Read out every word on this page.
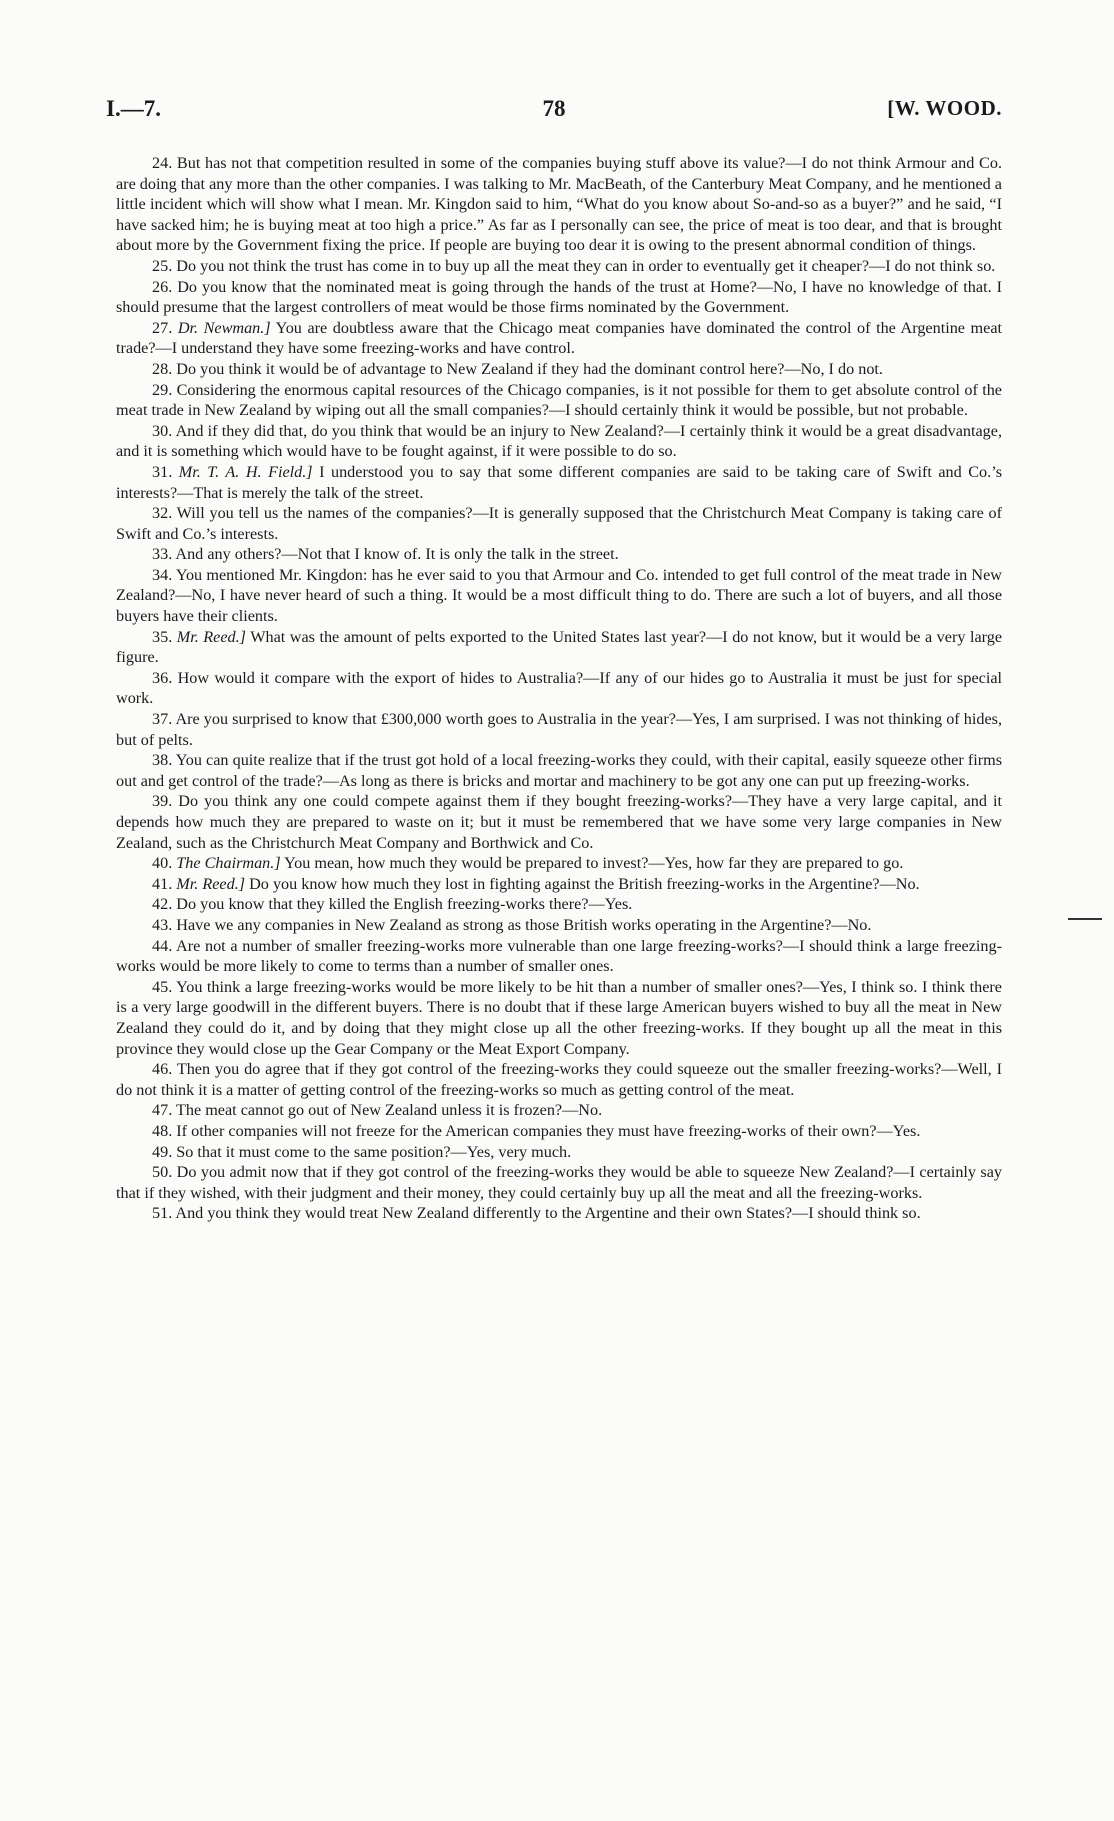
I.—7.	78	[W. WOOD.

24. But has not that competition resulted in some of the companies buying stuff above its value?—I do not think Armour and Co. are doing that any more than the other companies. I was talking to Mr. MacBeath, of the Canterbury Meat Company, and he mentioned a little incident which will show what I mean. Mr. Kingdon said to him, “What do you know about So-and-so as a buyer?” and he said, “I have sacked him; he is buying meat at too high a price.” As far as I personally can see, the price of meat is too dear, and that is brought about more by the Government fixing the price. If people are buying too dear it is owing to the present abnormal condition of things.

25. Do you not think the trust has come in to buy up all the meat they can in order to eventually get it cheaper?—I do not think so.

26. Do you know that the nominated meat is going through the hands of the trust at Home?—No, I have no knowledge of that. I should presume that the largest controllers of meat would be those firms nominated by the Government.

27. Dr. Newman.] You are doubtless aware that the Chicago meat companies have dominated the control of the Argentine meat trade?—I understand they have some freezing-works and have control.

28. Do you think it would be of advantage to New Zealand if they had the dominant control here?—No, I do not.

29. Considering the enormous capital resources of the Chicago companies, is it not possible for them to get absolute control of the meat trade in New Zealand by wiping out all the small companies?—I should certainly think it would be possible, but not probable.

30. And if they did that, do you think that would be an injury to New Zealand?—I certainly think it would be a great disadvantage, and it is something which would have to be fought against, if it were possible to do so.

31. Mr. T. A. H. Field.] I understood you to say that some different companies are said to be taking care of Swift and Co.’s interests?—That is merely the talk of the street.

32. Will you tell us the names of the companies?—It is generally supposed that the Christchurch Meat Company is taking care of Swift and Co.’s interests.

33. And any others?—Not that I know of. It is only the talk in the street.

34. You mentioned Mr. Kingdon: has he ever said to you that Armour and Co. intended to get full control of the meat trade in New Zealand?—No, I have never heard of such a thing. It would be a most difficult thing to do. There are such a lot of buyers, and all those buyers have their clients.

35. Mr. Reed.] What was the amount of pelts exported to the United States last year?—I do not know, but it would be a very large figure.

36. How would it compare with the export of hides to Australia?—If any of our hides go to Australia it must be just for special work.

37. Are you surprised to know that £300,000 worth goes to Australia in the year?—Yes, I am surprised. I was not thinking of hides, but of pelts.

38. You can quite realize that if the trust got hold of a local freezing-works they could, with their capital, easily squeeze other firms out and get control of the trade?—As long as there is bricks and mortar and machinery to be got any one can put up freezing-works.

39. Do you think any one could compete against them if they bought freezing-works?—They have a very large capital, and it depends how much they are prepared to waste on it; but it must be remembered that we have some very large companies in New Zealand, such as the Christchurch Meat Company and Borthwick and Co.

40. The Chairman.] You mean, how much they would be prepared to invest?—Yes, how far they are prepared to go.

41. Mr. Reed.] Do you know how much they lost in fighting against the British freezing-works in the Argentine?—No.

42. Do you know that they killed the English freezing-works there?—Yes.

43. Have we any companies in New Zealand as strong as those British works operating in the Argentine?—No.

44. Are not a number of smaller freezing-works more vulnerable than one large freezing-works?—I should think a large freezing-works would be more likely to come to terms than a number of smaller ones.

45. You think a large freezing-works would be more likely to be hit than a number of smaller ones?—Yes, I think so. I think there is a very large goodwill in the different buyers. There is no doubt that if these large American buyers wished to buy all the meat in New Zealand they could do it, and by doing that they might close up all the other freezing-works. If they bought up all the meat in this province they would close up the Gear Company or the Meat Export Company.

46. Then you do agree that if they got control of the freezing-works they could squeeze out the smaller freezing-works?—Well, I do not think it is a matter of getting control of the freezing-works so much as getting control of the meat.

47. The meat cannot go out of New Zealand unless it is frozen?—No.

48. If other companies will not freeze for the American companies they must have freezing-works of their own?—Yes.

49. So that it must come to the same position?—Yes, very much.

50. Do you admit now that if they got control of the freezing-works they would be able to squeeze New Zealand?—I certainly say that if they wished, with their judgment and their money, they could certainly buy up all the meat and all the freezing-works.

51. And you think they would treat New Zealand differently to the Argentine and their own States?—I should think so.
